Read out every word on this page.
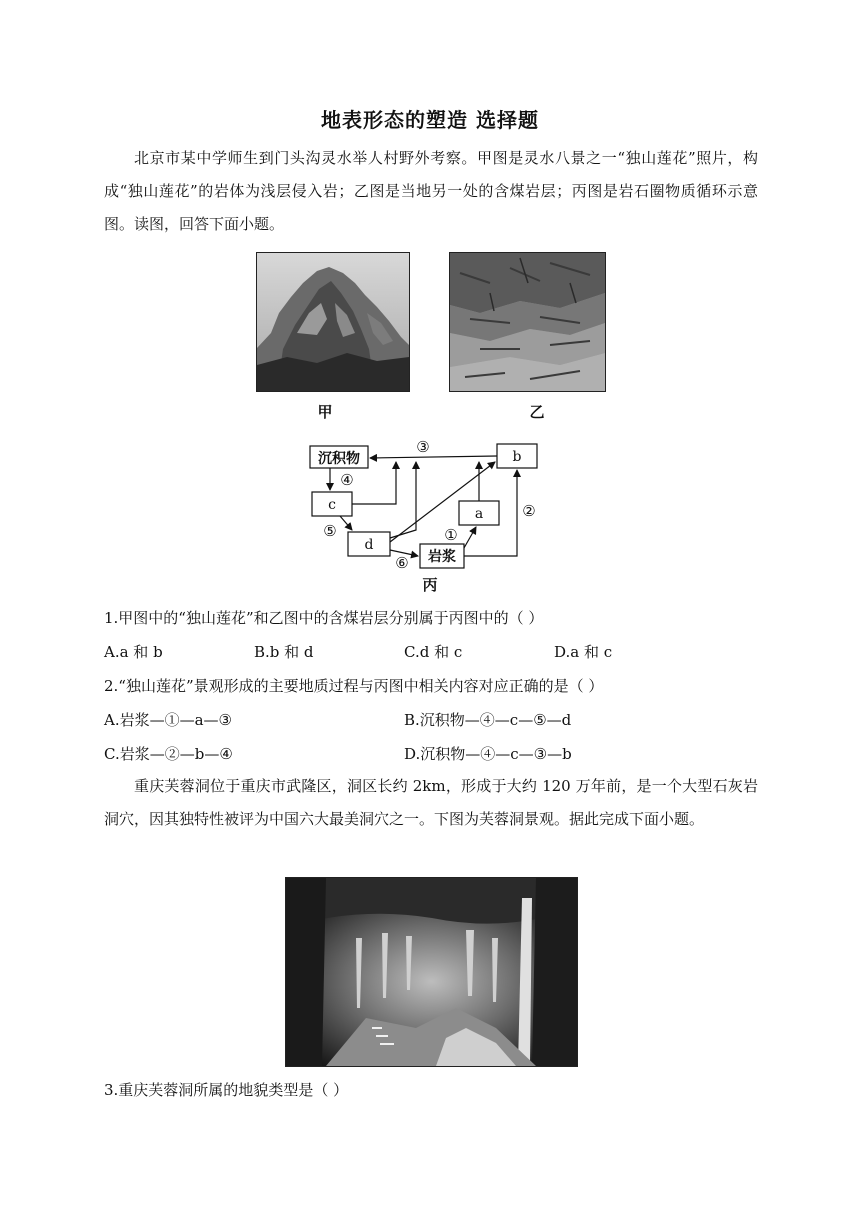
地表形态的塑造 选择题

北京市某中学师生到门头沟灵水举人村野外考察。甲图是灵水八景之一“独山莲花”照片，构成“独山莲花”的岩体为浅层侵入岩；乙图是当地另一处的含煤岩层；丙图是岩石圈物质循环示意图。读图，回答下面小题。

甲	乙
沉积物	b
c
a
d
岩浆
③
④
⑤
⑥
①
②
丙
1.甲图中的“独山莲花”和乙图中的含煤岩层分别属于丙图中的（ ）
A.a 和 b	B.b 和 d	C.d 和 c	D.a 和 c
2.“独山莲花”景观形成的主要地质过程与丙图中相关内容对应正确的是（ ）
A.岩浆—①—a—③	B.沉积物—④—c—⑤—d
C.岩浆—②—b—④	D.沉积物—④—c—③—b

重庆芙蓉洞位于重庆市武隆区，洞区长约 2km，形成于大约 120 万年前，是一个大型石灰岩洞穴，因其独特性被评为中国六大最美洞穴之一。下图为芙蓉洞景观。据此完成下面小题。

3.重庆芙蓉洞所属的地貌类型是（ ）
